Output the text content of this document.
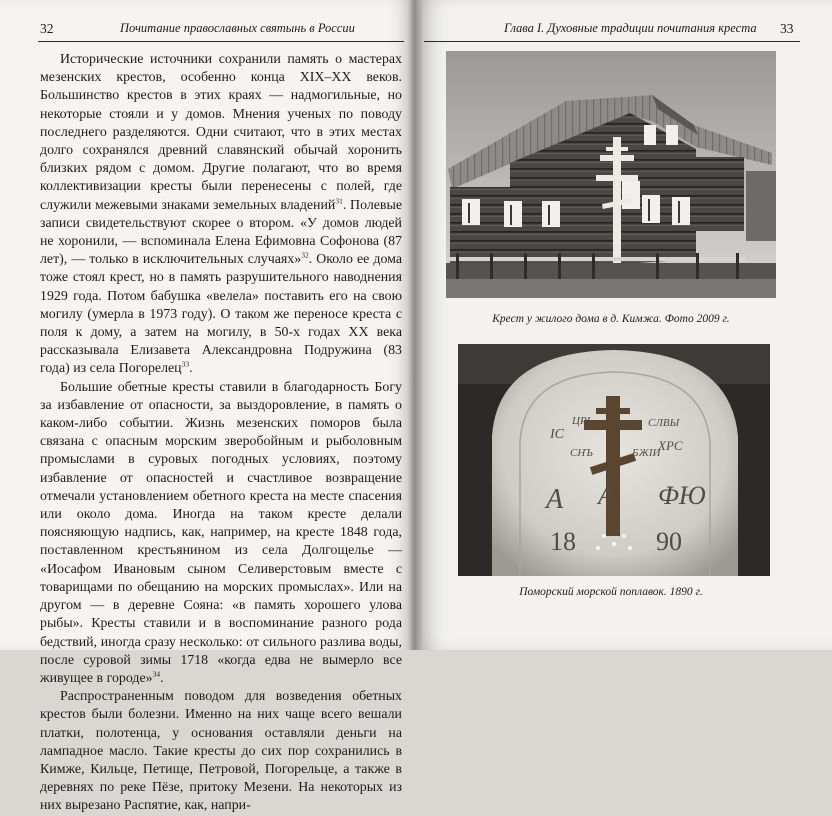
32	Почитание православных святынь в России

Исторические источники сохранили память о мастерах мезенских крестов, особенно конца XIX–XX веков. Большинство крестов в этих краях — надмогильные, но некоторые стояли и у домов. Мнения ученых по поводу последнего разделяются. Одни считают, что в этих местах долго сохранялся древний славянский обычай хоронить близких рядом с домом. Другие полагают, что во время коллективизации кресты были перенесены с полей, где служили межевыми знаками земельных владений$^{31}$. Полевые записи свидетельствуют скорее о втором. «У домов людей не хоронили, — вспоминала Елена Ефимовна Софонова (87 лет), — только в исключительных случаях»$^{32}$. Около ее дома тоже стоял крест, но в память разрушительного наводнения 1929 года. Потом бабушка «велела» поставить его на свою могилу (умерла в 1973 году). О таком же переносе креста с поля к дому, а затем на могилу, в 50-х годах XX века рассказывала Елизавета Александровна Подружина (83 года) из села Погорелец$^{33}$.

Большие обетные кресты ставили в благодарность Богу за избавление от опасности, за выздоровление, в память о каком-либо событии. Жизнь мезенских поморов была связана с опасным морским зверобойным и рыболовным промыслами в суровых погодных условиях, поэтому избавление от опасностей и счастливое возвращение отмечали установлением обетного креста на месте спасения или около дома. Иногда на таком кресте делали поясняющую надпись, как, например, на кресте 1848 года, поставленном крестьянином из села Долгощелье — «Иосафом Ивановым сыном Селиверстовым вместе с товарищами по обещанию на морских промыслах». Или на другом — в деревне Сояна: «в память хорошего улова рыбы». Кресты ставили и в воспоминание разного рода бедствий, иногда сразу несколько: от сильного разлива воды, после суровой зимы 1718 «когда едва не вымерло все живущее в городе»$^{34}$.

Распространенным поводом для возведения обетных крестов были болезни. Именно на них чаще всего вешали платки, полотенца, у основания оставляли деньги на лампадное масло. Такие кресты до сих пор сохранились в Кимже, Кильце, Петище, Петровой, Погорельце, а также в деревнях по реке Пёзе, притоку Мезени. На некоторых из них вырезано Распятие, как, напри-

Глава I. Духовные традиции почитания креста 33
Крест у жилого дома в д. Кимжа. Фото 2009 г.
IС
СЛВЫ
ЦРЬ
ХРС
СНЪ	БЖIИ
А А ФЮ
18	90
Поморский морской поплавок. 1890 г.
